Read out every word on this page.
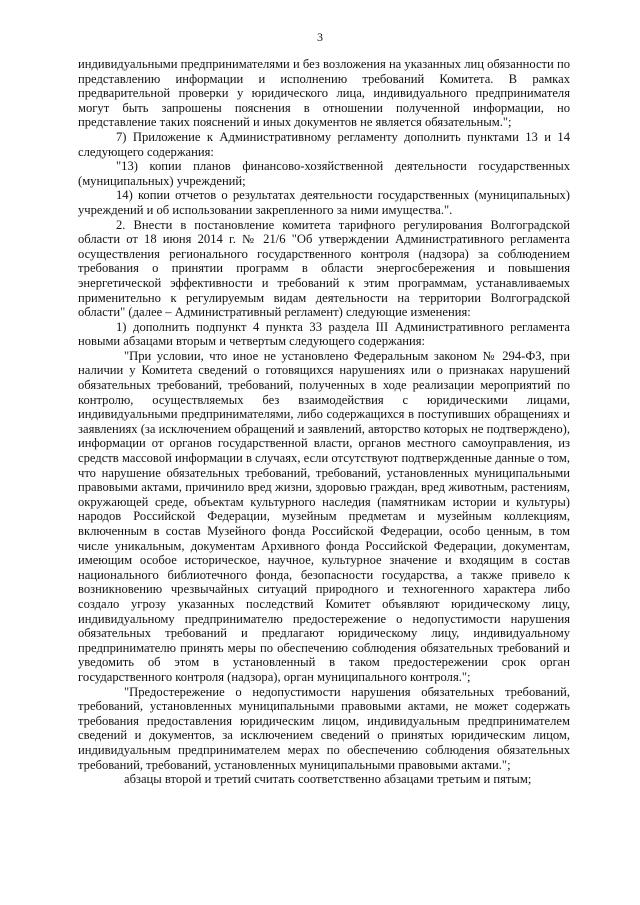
3

индивидуальными предпринимателями и без возложения на указанных лиц обязанности по представлению информации и исполнению требований Комитета. В рамках предварительной проверки у юридического лица, индивидуального предпринимателя могут быть запрошены пояснения в отношении полученной информации, но представление таких пояснений и иных документов не является обязательным.";

7) Приложение к Административному регламенту дополнить пунктами 13 и 14 следующего содержания:

"13) копии планов финансово-хозяйственной деятельности государственных (муниципальных) учреждений;

14) копии отчетов о результатах деятельности государственных (муниципальных) учреждений и об использовании закрепленного за ними имущества.".

2. Внести в постановление комитета тарифного регулирования Волгоградской области от 18 июня 2014 г. № 21/6 "Об утверждении Административного регламента осуществления регионального государственного контроля (надзора) за соблюдением требования о принятии программ в области энергосбережения и повышения энергетической эффективности и требований к этим программам, устанавливаемых применительно к регулируемым видам деятельности на территории Волгоградской области" (далее – Административный регламент) следующие изменения:

1) дополнить подпункт 4 пункта 33 раздела III Административного регламента новыми абзацами вторым и четвертым следующего содержания:

"При условии, что иное не установлено Федеральным законом № 294-ФЗ, при наличии у Комитета сведений о готовящихся нарушениях или о признаках нарушений обязательных требований, требований, полученных в ходе реализации мероприятий по контролю, осуществляемых без взаимодействия с юридическими лицами, индивидуальными предпринимателями, либо содержащихся в поступивших обращениях и заявлениях (за исключением обращений и заявлений, авторство которых не подтверждено), информации от органов государственной власти, органов местного самоуправления, из средств массовой информации в случаях, если отсутствуют подтвержденные данные о том, что нарушение обязательных требований, требований, установленных муниципальными правовыми актами, причинило вред жизни, здоровью граждан, вред животным, растениям, окружающей среде, объектам культурного наследия (памятникам истории и культуры) народов Российской Федерации, музейным предметам и музейным коллекциям, включенным в состав Музейного фонда Российской Федерации, особо ценным, в том числе уникальным, документам Архивного фонда Российской Федерации, документам, имеющим особое историческое, научное, культурное значение и входящим в состав национального библиотечного фонда, безопасности государства, а также привело к возникновению чрезвычайных ситуаций природного и техногенного характера либо создало угрозу указанных последствий Комитет объявляют юридическому лицу, индивидуальному предпринимателю предостережение о недопустимости нарушения обязательных требований и предлагают юридическому лицу, индивидуальному предпринимателю принять меры по обеспечению соблюдения обязательных требований и уведомить об этом в установленный в таком предостережении срок орган государственного контроля (надзора), орган муниципального контроля.";

"Предостережение о недопустимости нарушения обязательных требований, требований, установленных муниципальными правовыми актами, не может содержать требования предоставления юридическим лицом, индивидуальным предпринимателем сведений и документов, за исключением сведений о принятых юридическим лицом, индивидуальным предпринимателем мерах по обеспечению соблюдения обязательных требований, требований, установленных муниципальными правовыми актами.";

абзацы второй и третий считать соответственно абзацами третьим и пятым;
